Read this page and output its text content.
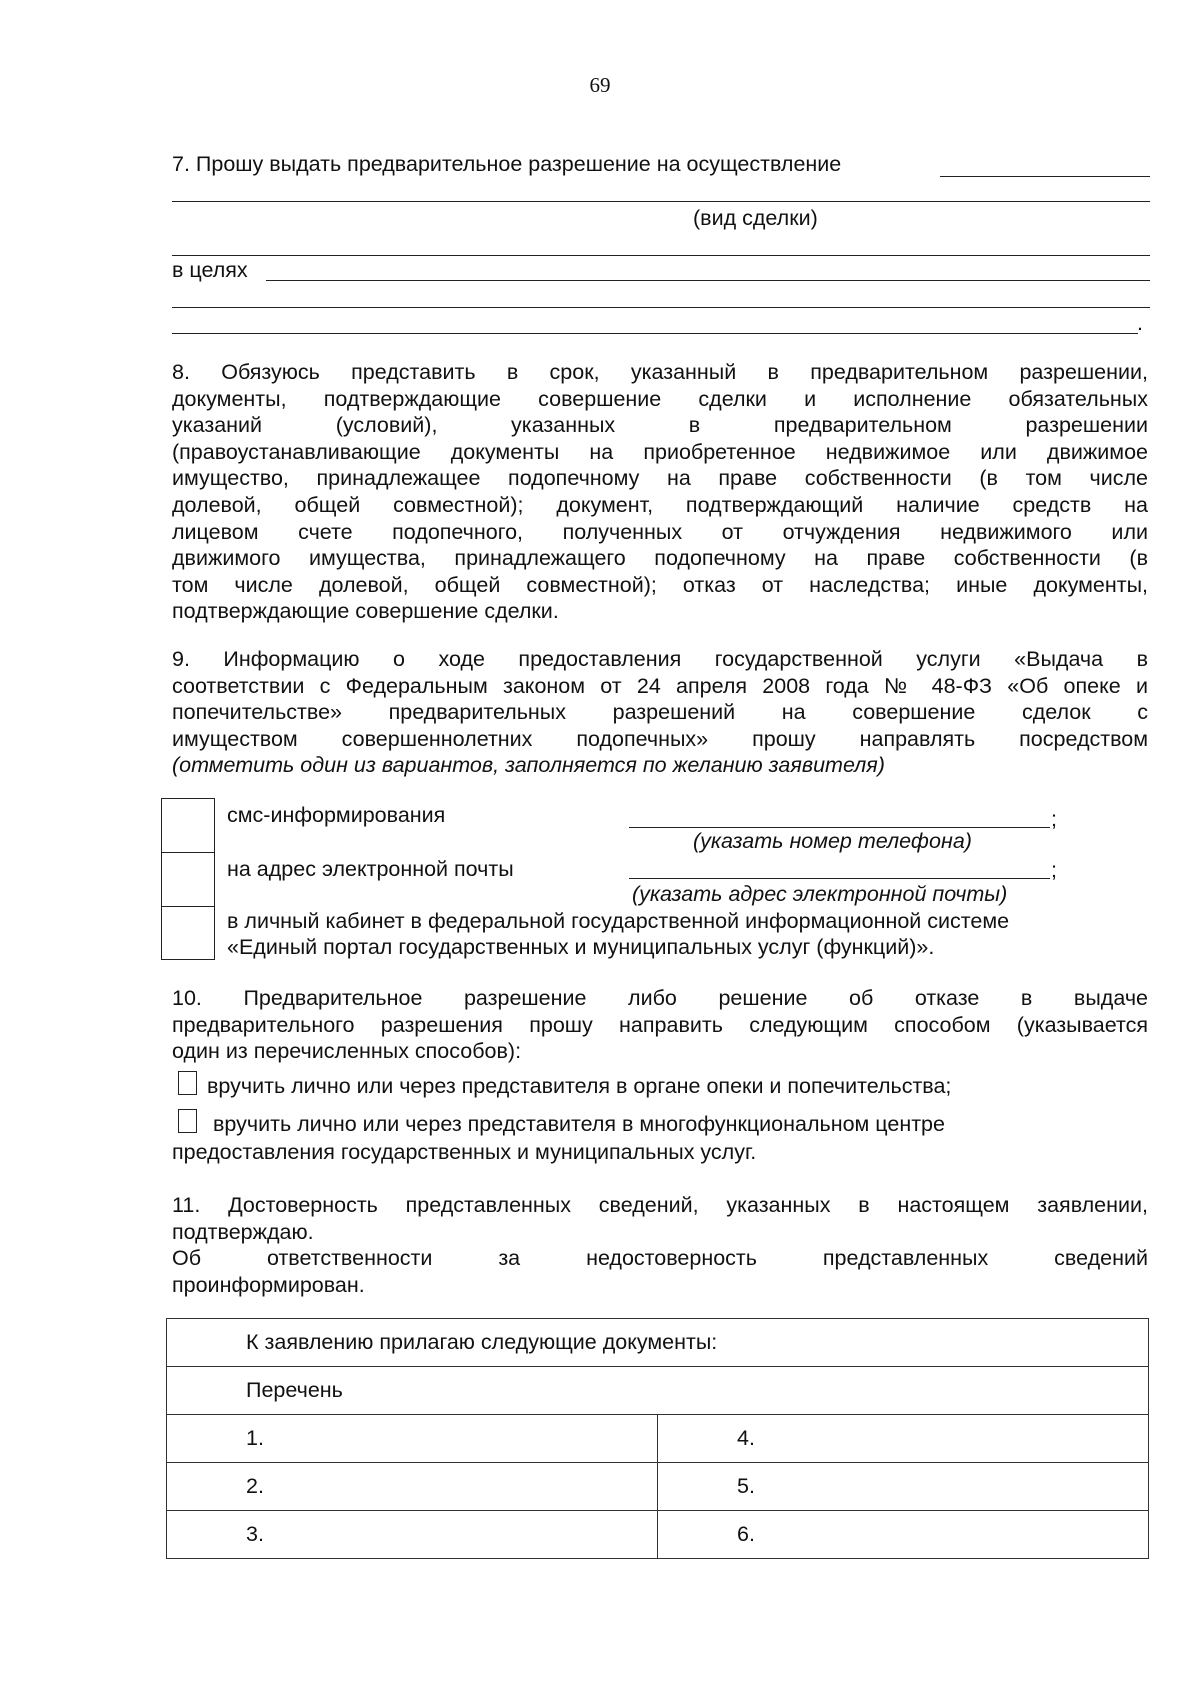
69
7. Прошу выдать предварительное разрешение на осуществление
(вид сделки)
в целях
.

8. Обязуюсь представить в срок, указанный в предварительном разрешении,

документы, подтверждающие совершение сделки и исполнение обязательных

указаний (условий), указанных в предварительном разрешении

(правоустанавливающие документы на приобретенное недвижимое или движимое

имущество, принадлежащее подопечному на праве собственности (в том числе

долевой, общей совместной); документ, подтверждающий наличие средств на

лицевом счете подопечного, полученных от отчуждения недвижимого или

движимого имущества, принадлежащего подопечному на праве собственности (в

том числе долевой, общей совместной); отказ от наследства; иные документы,

подтверждающие совершение сделки.

9. Информацию о ходе предоставления государственной услуги «Выдача в

соответствии с Федеральным законом от 24 апреля 2008 года № 48-ФЗ «Об опеке и

попечительстве» предварительных разрешений на совершение сделок с

имуществом совершеннолетних подопечных» прошу направлять посредством

(отметить один из вариантов, заполняется по желанию заявителя)

смс-информирования	;
(указать номер телефона)
на адрес электронной почты	;
(указать адрес электронной почты)
в личный кабинет в федеральной государственной информационной системе
«Единый портал государственных и муниципальных услуг (функций)».

10. Предварительное разрешение либо решение об отказе в выдаче

предварительного разрешения прошу направить следующим способом (указывается

один из перечисленных способов):

вручить лично или через представителя в органе опеки и попечительства;
вручить лично или через представителя в многофункциональном центре
предоставления государственных и муниципальных услуг.

11. Достоверность представленных сведений, указанных в настоящем заявлении,

подтверждаю.

Об ответственности за недостоверность представленных сведений

проинформирован.

К заявлению прилагаю следующие документы:	
Перечень	
1.	4.
2.	5.
3.	6.
